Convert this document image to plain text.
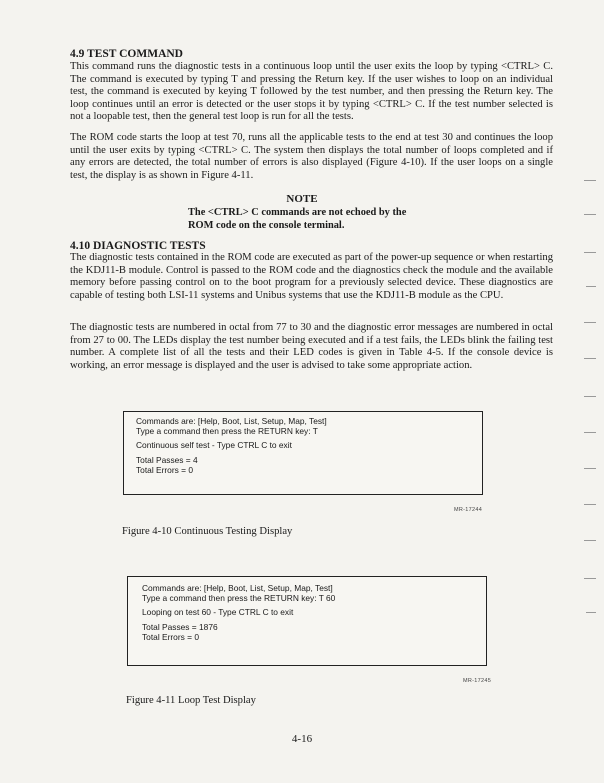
4.9 TEST COMMAND

This command runs the diagnostic tests in a continuous loop until the user exits the loop by typing <CTRL> C. The command is executed by typing T and pressing the Return key. If the user wishes to loop on an individual test, the command is executed by keying T followed by the test number, and then pressing the Return key. The loop continues until an error is detected or the user stops it by typing <CTRL> C. If the test number selected is not a loopable test, then the general test loop is run for all the tests.

The ROM code starts the loop at test 70, runs all the applicable tests to the end at test 30 and continues the loop until the user exits by typing <CTRL> C. The system then displays the total number of loops completed and if any errors are detected, the total number of errors is also displayed (Figure 4-10). If the user loops on a single test, the display is as shown in Figure 4-11.

NOTE
The <CTRL> C commands are not echoed by the
ROM code on the console terminal.
4.10 DIAGNOSTIC TESTS

The diagnostic tests contained in the ROM code are executed as part of the power-up sequence or when restarting the KDJ11-B module. Control is passed to the ROM code and the diagnostics check the module and the available memory before passing control on to the boot program for a previously selected device. These diagnostics are capable of testing both LSI-11 systems and Unibus systems that use the KDJ11-B module as the CPU.

The diagnostic tests are numbered in octal from 77 to 30 and the diagnostic error messages are numbered in octal from 27 to 00. The LEDs display the test number being executed and if a test fails, the LEDs blink the failing test number. A complete list of all the tests and their LED codes is given in Table 4-5. If the console device is working, an error message is displayed and the user is advised to take some appropriate action.

Commands are: [Help, Boot, List, Setup, Map, Test]
Type a command then press the RETURN key: T
Continuous self test - Type CTRL C to exit
Total Passes = 4
Total Errors = 0
MR-17244
Figure 4-10 Continuous Testing Display
Commands are: [Help, Boot, List, Setup, Map, Test]
Type a command then press the RETURN key: T 60
Looping on test 60 - Type CTRL C to exit
Total Passes = 1876
Total Errors = 0
MR-17245
Figure 4-11 Loop Test Display
4-16
